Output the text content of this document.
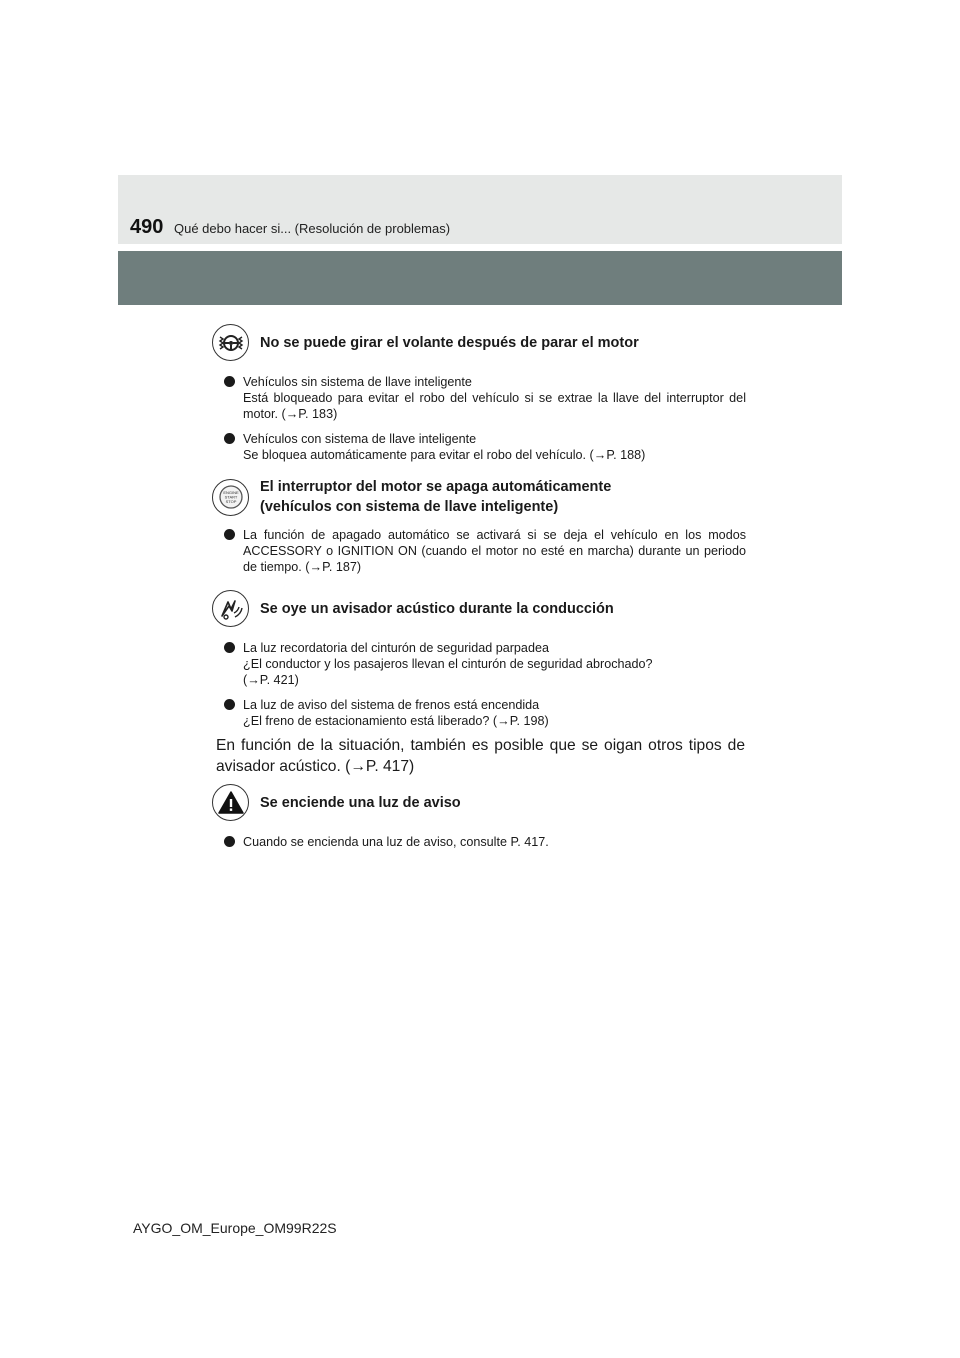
490 Qué debo hacer si... (Resolución de problemas)
No se puede girar el volante después de parar el motor

Vehículos sin sistema de llave inteligente

Está bloqueado para evitar el robo del vehículo si se extrae la llave del interruptor del motor. (→P. 183)

Vehículos con sistema de llave inteligente

Se bloquea automáticamente para evitar el robo del vehículo. (→P. 188)

ENGINE
START
STOP
El interruptor del motor se apaga automáticamente
(vehículos con sistema de llave inteligente)

La función de apagado automático se activará si se deja el vehículo en los modos ACCESSORY o IGNITION ON (cuando el motor no esté en marcha) durante un periodo de tiempo. (→P. 187)

Se oye un avisador acústico durante la conducción

La luz recordatoria del cinturón de seguridad parpadea

¿El conductor y los pasajeros llevan el cinturón de seguridad abrochado?

(→P. 421)

La luz de aviso del sistema de frenos está encendida

¿El freno de estacionamiento está liberado? (→P. 198)

En función de la situación, también es posible que se oigan otros tipos de avisador acústico. (→P. 417)
Se enciende una luz de aviso

Cuando se encienda una luz de aviso, consulte P. 417.

AYGO_OM_Europe_OM99R22S
